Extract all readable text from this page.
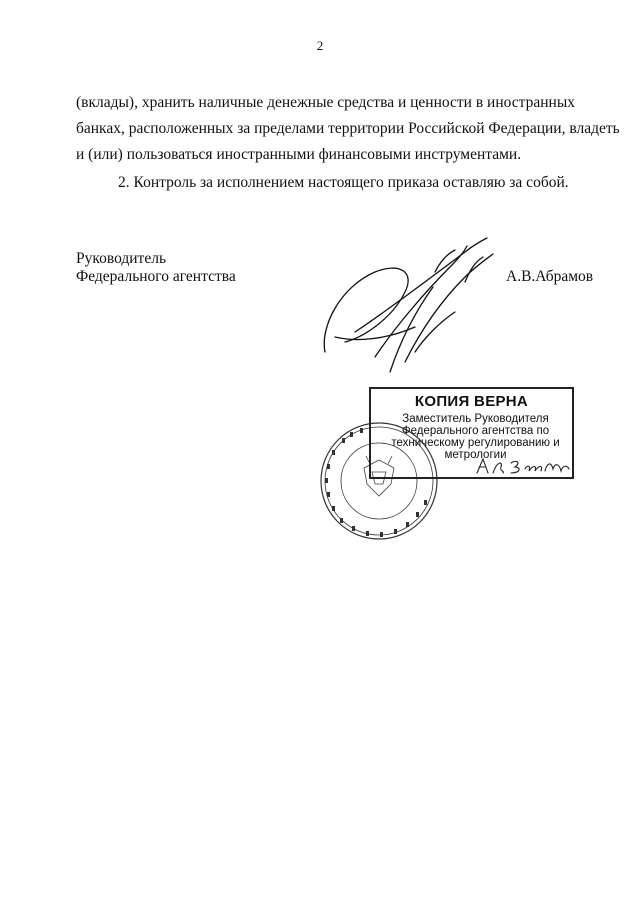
2
(вклады), хранить наличные денежные средства и ценности в иностранных
банках, расположенных за пределами территории Российской Федерации, владеть
и (или) пользоваться иностранными финансовыми инструментами.
2. Контроль за исполнением настоящего приказа оставляю за собой.
Руководитель
Федерального агентства	А.В.Абрамов
КОПИЯ ВЕРНА
Заместитель Руководителя
Федерального агентства по
техническому регулированию и
метрологии
